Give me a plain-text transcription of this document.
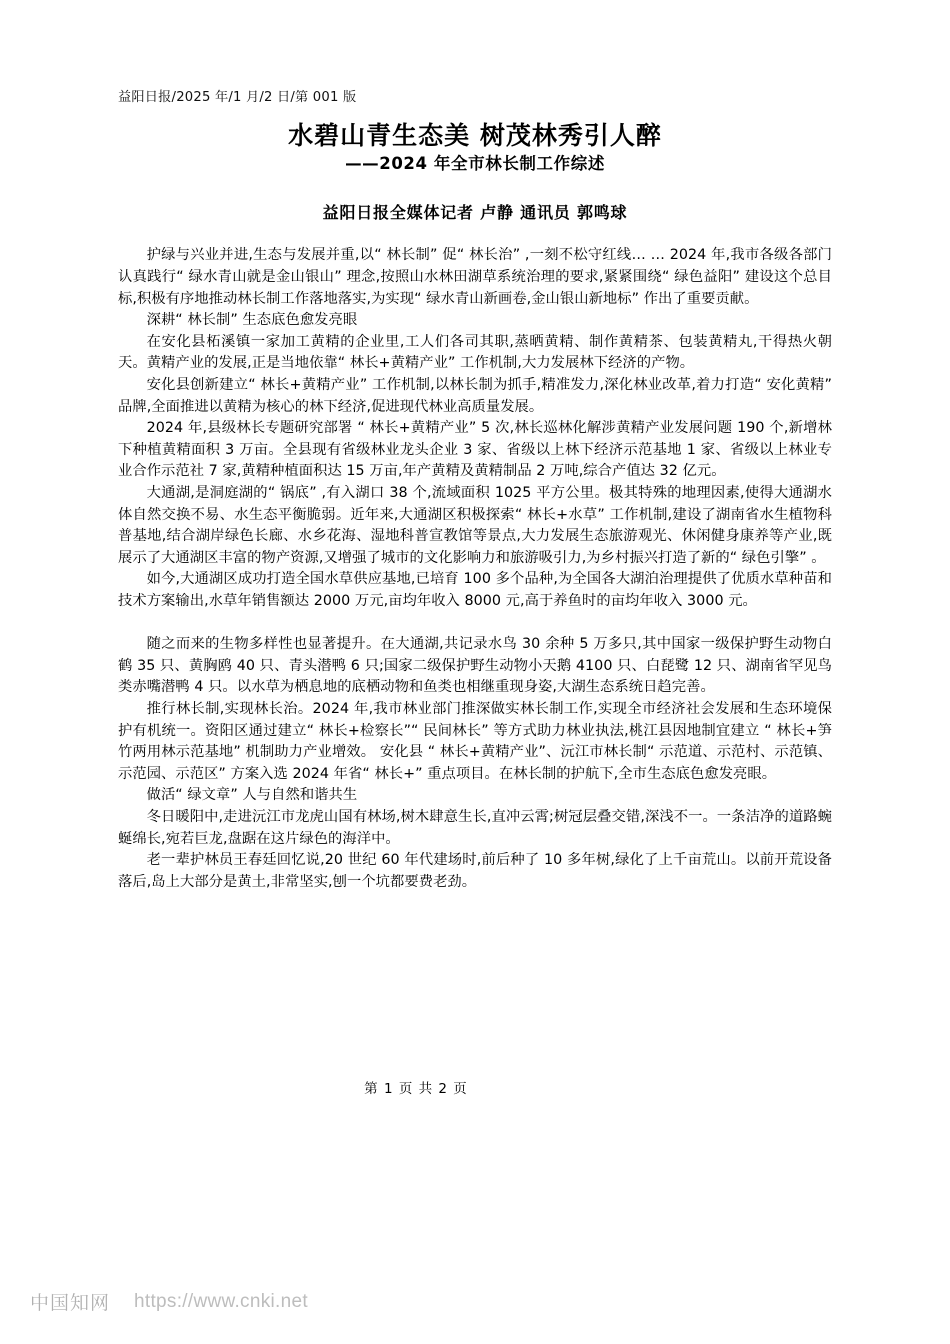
益阳日报/2025 年/1 月/2 日/第 001 版
水碧山青生态美 树茂林秀引人醉
——2024 年全市林长制工作综述
益阳日报全媒体记者 卢静 通讯员 郭鸣球

护绿与兴业并进,生态与发展并重,以“ 林长制” 促“ 林长治” ,一刻不松守红线… … 2024 年,我市各级各部门认真践行“ 绿水青山就是金山银山” 理念,按照山水林田湖草系统治理的要求,紧紧围绕“ 绿色益阳” 建设这个总目标,积极有序地推动林长制工作落地落实,为实现“ 绿水青山新画卷,金山银山新地标” 作出了重要贡献。

深耕“ 林长制” 生态底色愈发亮眼

在安化县柘溪镇一家加工黄精的企业里,工人们各司其职,蒸晒黄精、制作黄精茶、包装黄精丸,干得热火朝天。黄精产业的发展,正是当地依靠“ 林长+黄精产业” 工作机制,大力发展林下经济的产物。

安化县创新建立“ 林长+黄精产业” 工作机制,以林长制为抓手,精准发力,深化林业改革,着力打造“ 安化黄精” 品牌,全面推进以黄精为核心的林下经济,促进现代林业高质量发展。

2024 年,县级林长专题研究部署 “ 林长+黄精产业” 5 次,林长巡林化解涉黄精产业发展问题 190 个,新增林下种植黄精面积 3 万亩。全县现有省级林业龙头企业 3 家、省级以上林下经济示范基地 1 家、省级以上林业专业合作示范社 7 家,黄精种植面积达 15 万亩,年产黄精及黄精制品 2 万吨,综合产值达 32 亿元。

大通湖,是洞庭湖的“ 锅底” ,有入湖口 38 个,流域面积 1025 平方公里。极其特殊的地理因素,使得大通湖水体自然交换不易、水生态平衡脆弱。近年来,大通湖区积极探索“ 林长+水草” 工作机制,建设了湖南省水生植物科普基地,结合湖岸绿色长廊、水乡花海、湿地科普宣教馆等景点,大力发展生态旅游观光、休闲健身康养等产业,既展示了大通湖区丰富的物产资源,又增强了城市的文化影响力和旅游吸引力,为乡村振兴打造了新的“ 绿色引擎” 。

如今,大通湖区成功打造全国水草供应基地,已培育 100 多个品种,为全国各大湖泊治理提供了优质水草种苗和技术方案输出,水草年销售额达 2000 万元,亩均年收入 8000 元,高于养鱼时的亩均年收入 3000 元。

随之而来的生物多样性也显著提升。在大通湖,共记录水鸟 30 余种 5 万多只,其中国家一级保护野生动物白鹤 35 只、黄胸鸥 40 只、青头潜鸭 6 只;国家二级保护野生动物小天鹅 4100 只、白琵鹭 12 只、湖南省罕见鸟类赤嘴潜鸭 4 只。以水草为栖息地的底栖动物和鱼类也相继重现身姿,大湖生态系统日趋完善。

推行林长制,实现林长治。2024 年,我市林业部门推深做实林长制工作,实现全市经济社会发展和生态环境保护有机统一。资阳区通过建立“ 林长+检察长”“ 民间林长” 等方式助力林业执法,桃江县因地制宜建立 “ 林长+笋竹两用林示范基地” 机制助力产业增效。 安化县 “ 林长+黄精产业”、沅江市林长制“ 示范道、示范村、示范镇、示范园、示范区” 方案入选 2024 年省“ 林长+” 重点项目。在林长制的护航下,全市生态底色愈发亮眼。

做活“ 绿文章” 人与自然和谐共生

冬日暖阳中,走进沅江市龙虎山国有林场,树木肆意生长,直冲云霄;树冠层叠交错,深浅不一。一条洁净的道路蜿蜒绵长,宛若巨龙,盘踞在这片绿色的海洋中。

老一辈护林员王春廷回忆说,20 世纪 60 年代建场时,前后种了 10 多年树,绿化了上千亩荒山。以前开荒设备落后,岛上大部分是黄土,非常坚实,刨一个坑都要费老劲。

第 1 页 共 2 页
中国知网 https://www.cnki.net
